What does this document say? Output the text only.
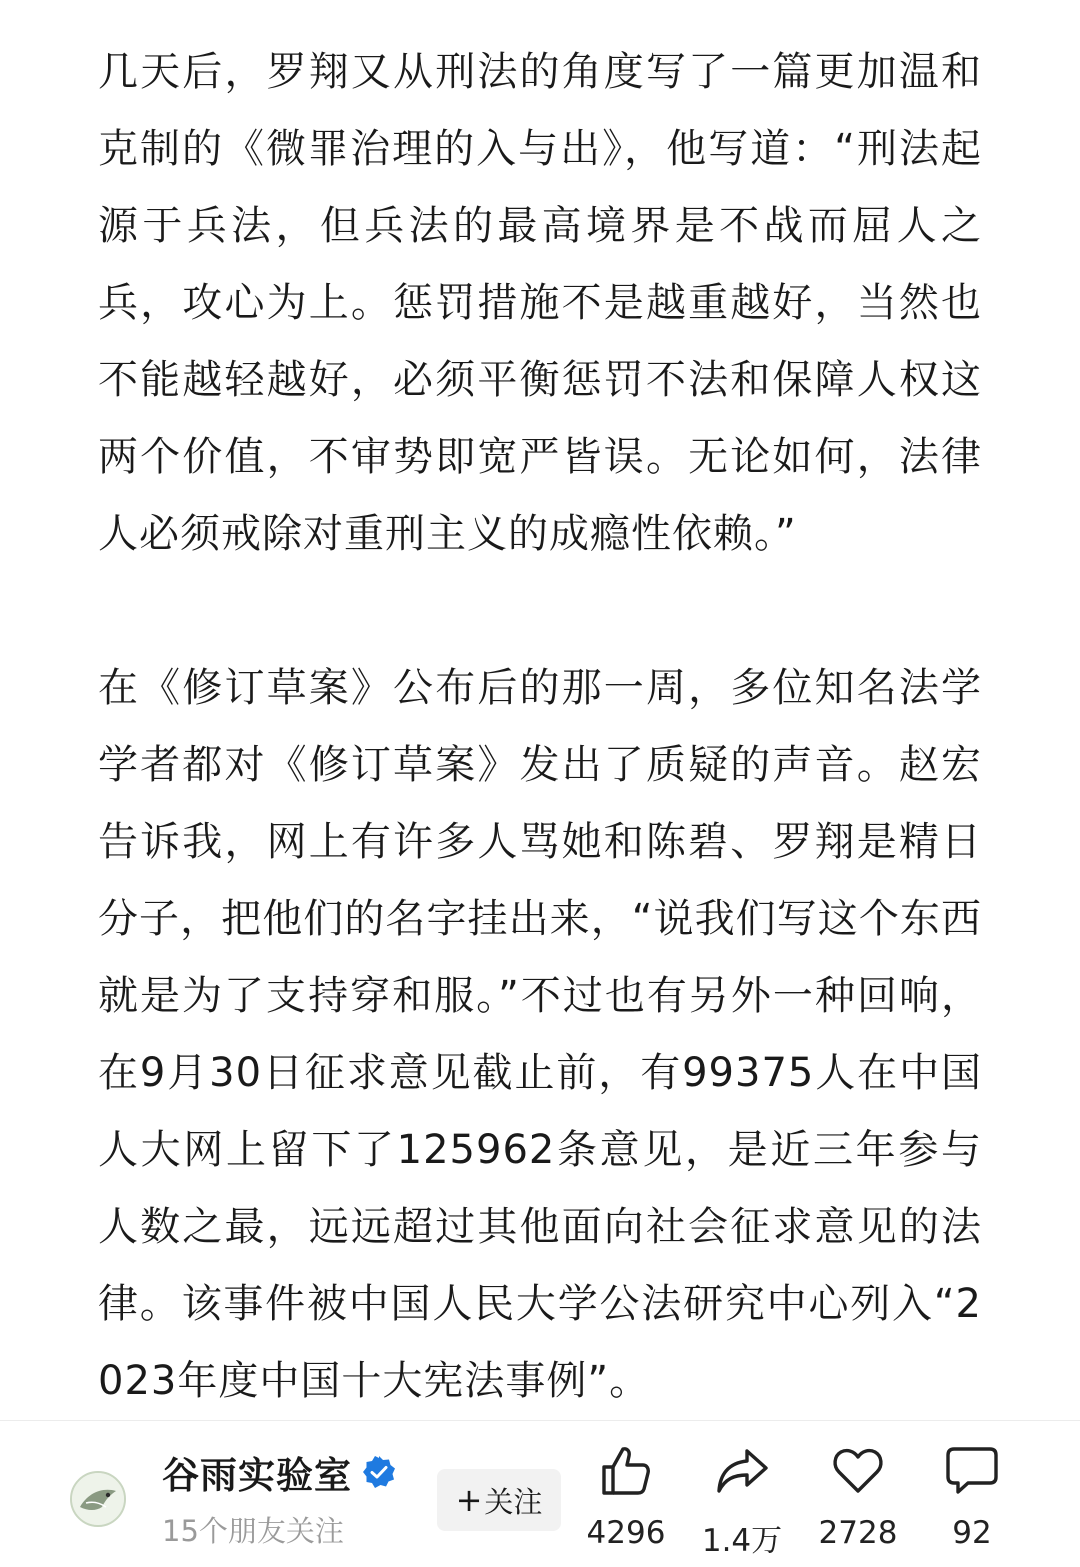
几天后，罗翔又从刑法的角度写了一篇更加温和克制的《微罪治理的入与出》，他写道：“刑法起源于兵法，但兵法的最高境界是不战而屈人之兵，攻心为上。惩罚措施不是越重越好，当然也不能越轻越好，必须平衡惩罚不法和保障人权这两个价值，不审势即宽严皆误。无论如何，法律人必须戒除对重刑主义的成瘾性依赖。”

在《修订草案》公布后的那一周，多位知名法学学者都对《修订草案》发出了质疑的声音。赵宏告诉我，网上有许多人骂她和陈碧、罗翔是精日分子，把他们的名字挂出来，“说我们写这个东西就是为了支持穿和服。”不过也有另外一种回响，在9月30日征求意见截止前，有99375人在中国人大网上留下了125962条意见，是近三年参与人数之最，远远超过其他面向社会征求意见的法律。该事件被中国人民大学公法研究中心列入“2023年度中国十大宪法事例”。

谷雨实验室
15个朋友关注
+ 关注
4296	1.4万	2728	92
